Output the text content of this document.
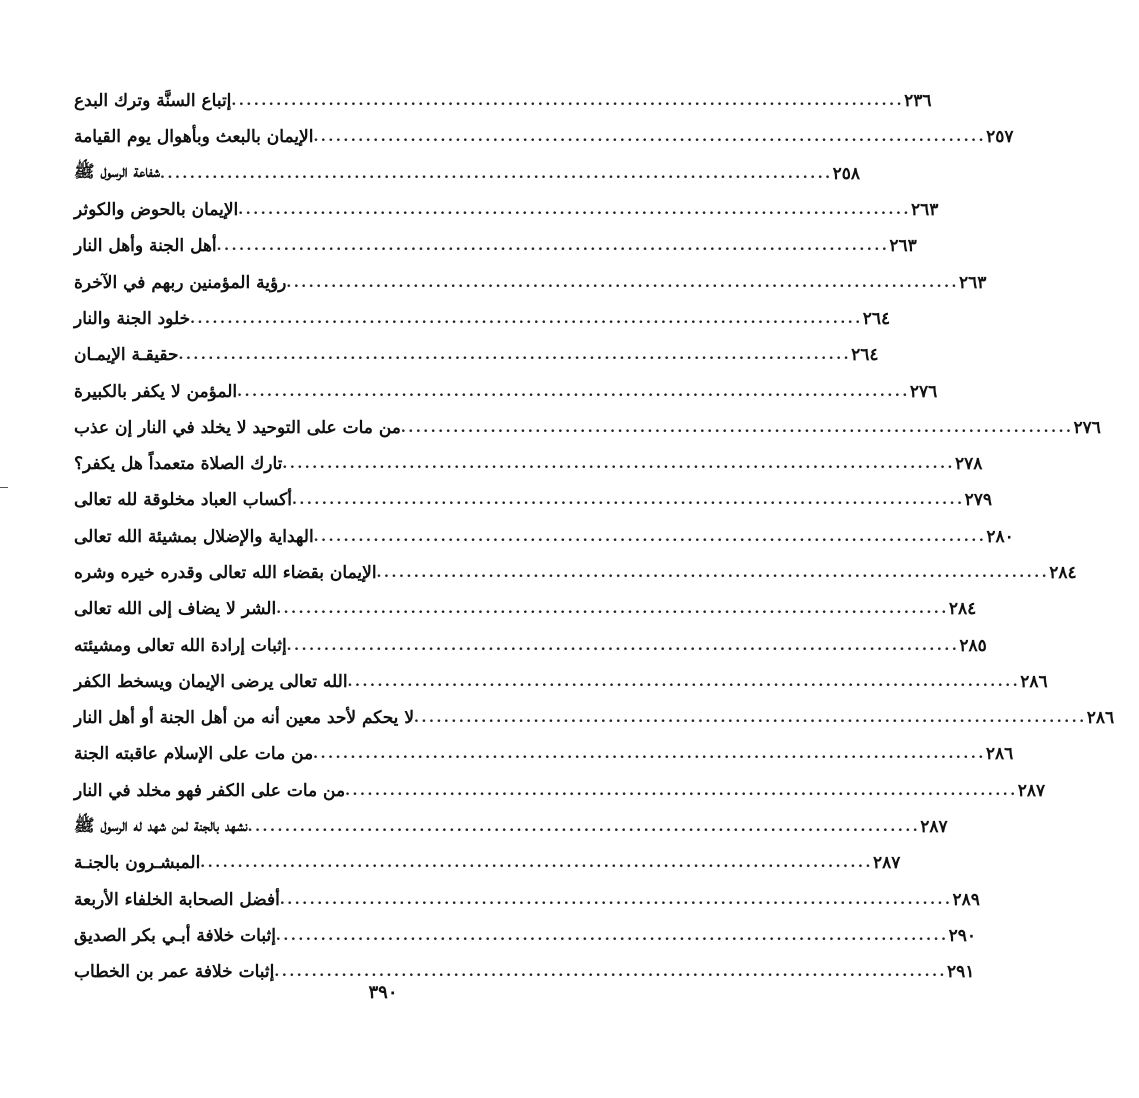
إتباع السنَّة وترك البدع .......................................................................................... ٢٣٦
الإيمان بالبعث وبأهوال يوم القيامة .......................................................................................... ٢٥٧
شفاعة الرسول ﷺ .......................................................................................... ٢٥٨
الإيمان بالحوض والكوثر .......................................................................................... ٢٦٣
أهل الجنة وأهل النار .......................................................................................... ٢٦٣
رؤية المؤمنين ربهم في الآخرة .......................................................................................... ٢٦٣
خلود الجنة والنار .......................................................................................... ٢٦٤
حقيقـة الإيمـان .......................................................................................... ٢٦٤
المؤمن لا يكفر بالكبيرة .......................................................................................... ٢٧٦
من مات على التوحيد لا يخلد في النار إن عذب .......................................................................................... ٢٧٦
تارك الصلاة متعمداً هل يكفر؟ .......................................................................................... ٢٧٨
أكساب العباد مخلوقة لله تعالى .......................................................................................... ٢٧٩
الهداية والإضلال بمشيئة الله تعالى .......................................................................................... ٢٨٠
الإيمان بقضاء الله تعالى وقدره خيره وشره .......................................................................................... ٢٨٤
الشر لا يضاف إلى الله تعالى .......................................................................................... ٢٨٤
إثبات إرادة الله تعالى ومشيئته .......................................................................................... ٢٨٥
الله تعالى يرضى الإيمان ويسخط الكفر .......................................................................................... ٢٨٦
لا يحكم لأحد معين أنه من أهل الجنة أو أهل النار .......................................................................................... ٢٨٦
من مات على الإسلام عاقبته الجنة .......................................................................................... ٢٨٦
من مات على الكفر فهو مخلد في النار .......................................................................................... ٢٨٧
نشهد بالجنة لمن شهد له الرسول ﷺ .......................................................................................... ٢٨٧
المبشـرون بالجنـة .......................................................................................... ٢٨٧
أفضل الصحابة الخلفاء الأربعة .......................................................................................... ٢٨٩
إثبات خلافة أبـي بكر الصديق .......................................................................................... ٢٩٠
إثبات خلافة عمر بن الخطاب .......................................................................................... ٢٩١
٣٩٠
